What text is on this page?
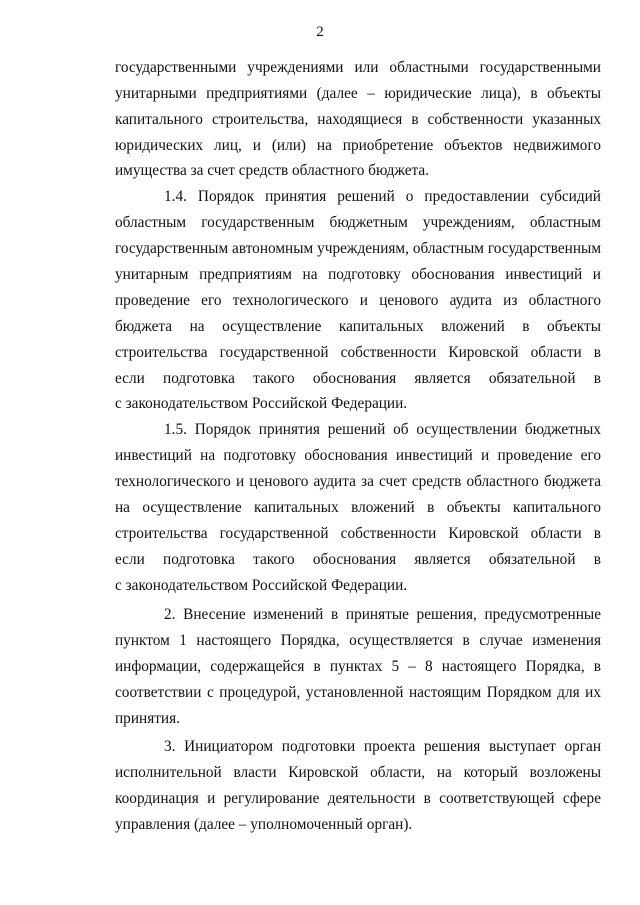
2
государственными учреждениями или областными государственными
унитарными предприятиями (далее – юридические лица), в объекты
капитального строительства, находящиеся в собственности указанных
юридических лиц, и (или) на приобретение объектов недвижимого
имущества за счет средств областного бюджета.
1.4. Порядок принятия решений о предоставлении субсидий
областным государственным бюджетным учреждениям, областным
государственным автономным учреждениям, областным государственным
унитарным предприятиям на подготовку обоснования инвестиций и
проведение его технологического и ценового аудита из областного
бюджета на осуществление капитальных вложений в объекты
строительства государственной собственности Кировской области в
если подготовка такого обоснования является обязательной в
с законодательством Российской Федерации.
1.5. Порядок принятия решений об осуществлении бюджетных
инвестиций на подготовку обоснования инвестиций и проведение его
технологического и ценового аудита за счет средств областного бюджета
на осуществление капитальных вложений в объекты капитального
строительства государственной собственности Кировской области в
если подготовка такого обоснования является обязательной в
с законодательством Российской Федерации.
2. Внесение изменений в принятые решения, предусмотренные
пунктом 1 настоящего Порядка, осуществляется в случае изменения
информации, содержащейся в пунктах 5 – 8 настоящего Порядка, в
соответствии с процедурой, установленной настоящим Порядком для их
принятия.
3. Инициатором подготовки проекта решения выступает орган
исполнительной власти Кировской области, на который возложены
координация и регулирование деятельности в соответствующей сфере
управления (далее – уполномоченный орган).
